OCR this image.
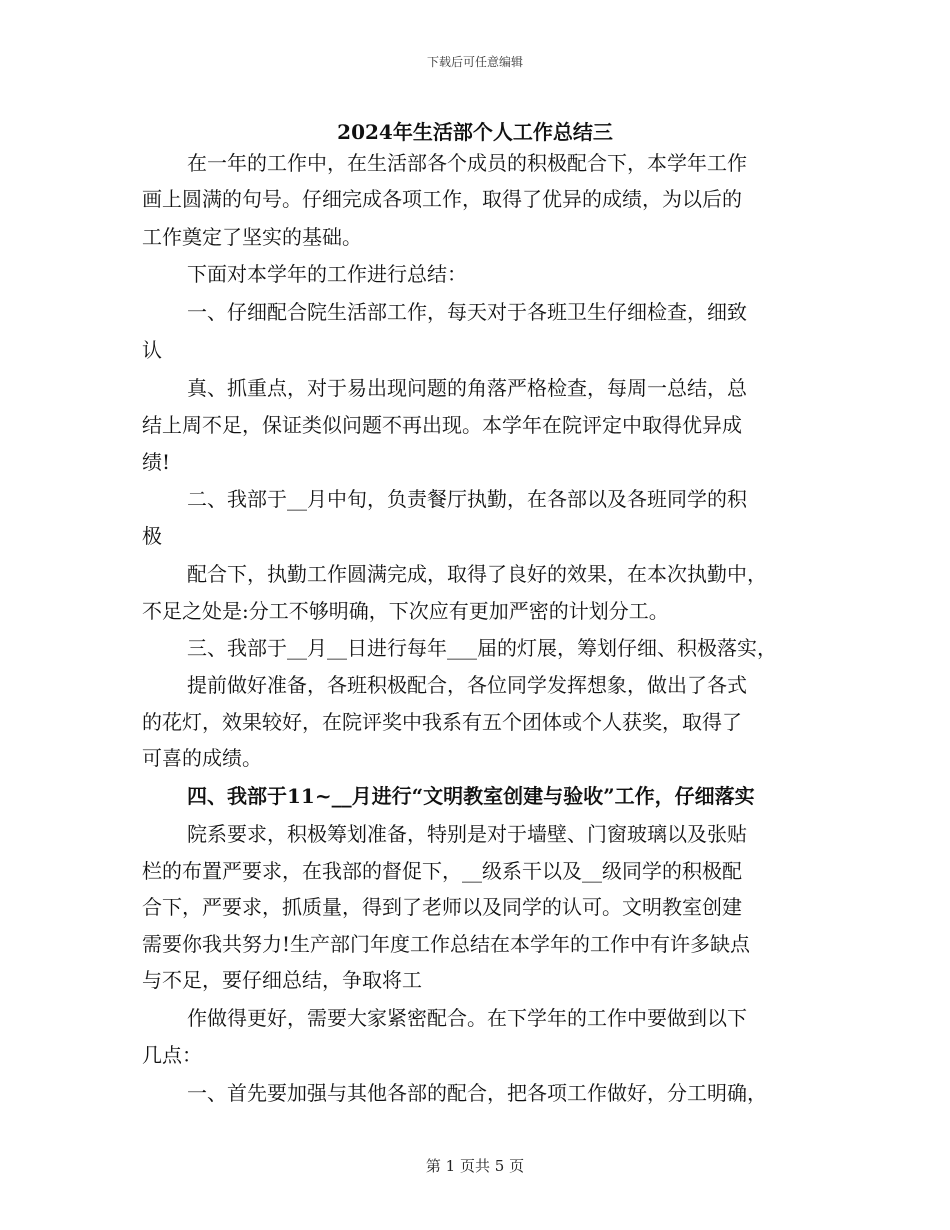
下载后可任意编辑
2024年生活部个人工作总结三
在一年的工作中，在生活部各个成员的积极配合下，本学年工作
画上圆满的句号。仔细完成各项工作，取得了优异的成绩，为以后的
工作奠定了坚实的基础。
下面对本学年的工作进行总结：
一、仔细配合院生活部工作，每天对于各班卫生仔细检查，细致
认
真、抓重点，对于易出现问题的角落严格检查，每周一总结，总
结上周不足，保证类似问题不再出现。本学年在院评定中取得优异成
绩!
二、我部于__月中旬，负责餐厅执勤，在各部以及各班同学的积
极
配合下，执勤工作圆满完成，取得了良好的效果，在本次执勤中，
不足之处是:分工不够明确，下次应有更加严密的计划分工。
三、我部于__月__日进行每年___届的灯展，筹划仔细、积极落实，
提前做好准备，各班积极配合，各位同学发挥想象，做出了各式
的花灯，效果较好，在院评奖中我系有五个团体或个人获奖，取得了
可喜的成绩。
四、我部于11~__月进行“文明教室创建与验收”工作，仔细落实
院系要求，积极筹划准备，特别是对于墙壁、门窗玻璃以及张贴
栏的布置严要求，在我部的督促下，__级系干以及__级同学的积极配
合下，严要求，抓质量，得到了老师以及同学的认可。文明教室创建
需要你我共努力!生产部门年度工作总结在本学年的工作中有许多缺点
与不足，要仔细总结，争取将工
作做得更好，需要大家紧密配合。在下学年的工作中要做到以下
几点：
一、首先要加强与其他各部的配合，把各项工作做好，分工明确，
第 1 页共 5 页
